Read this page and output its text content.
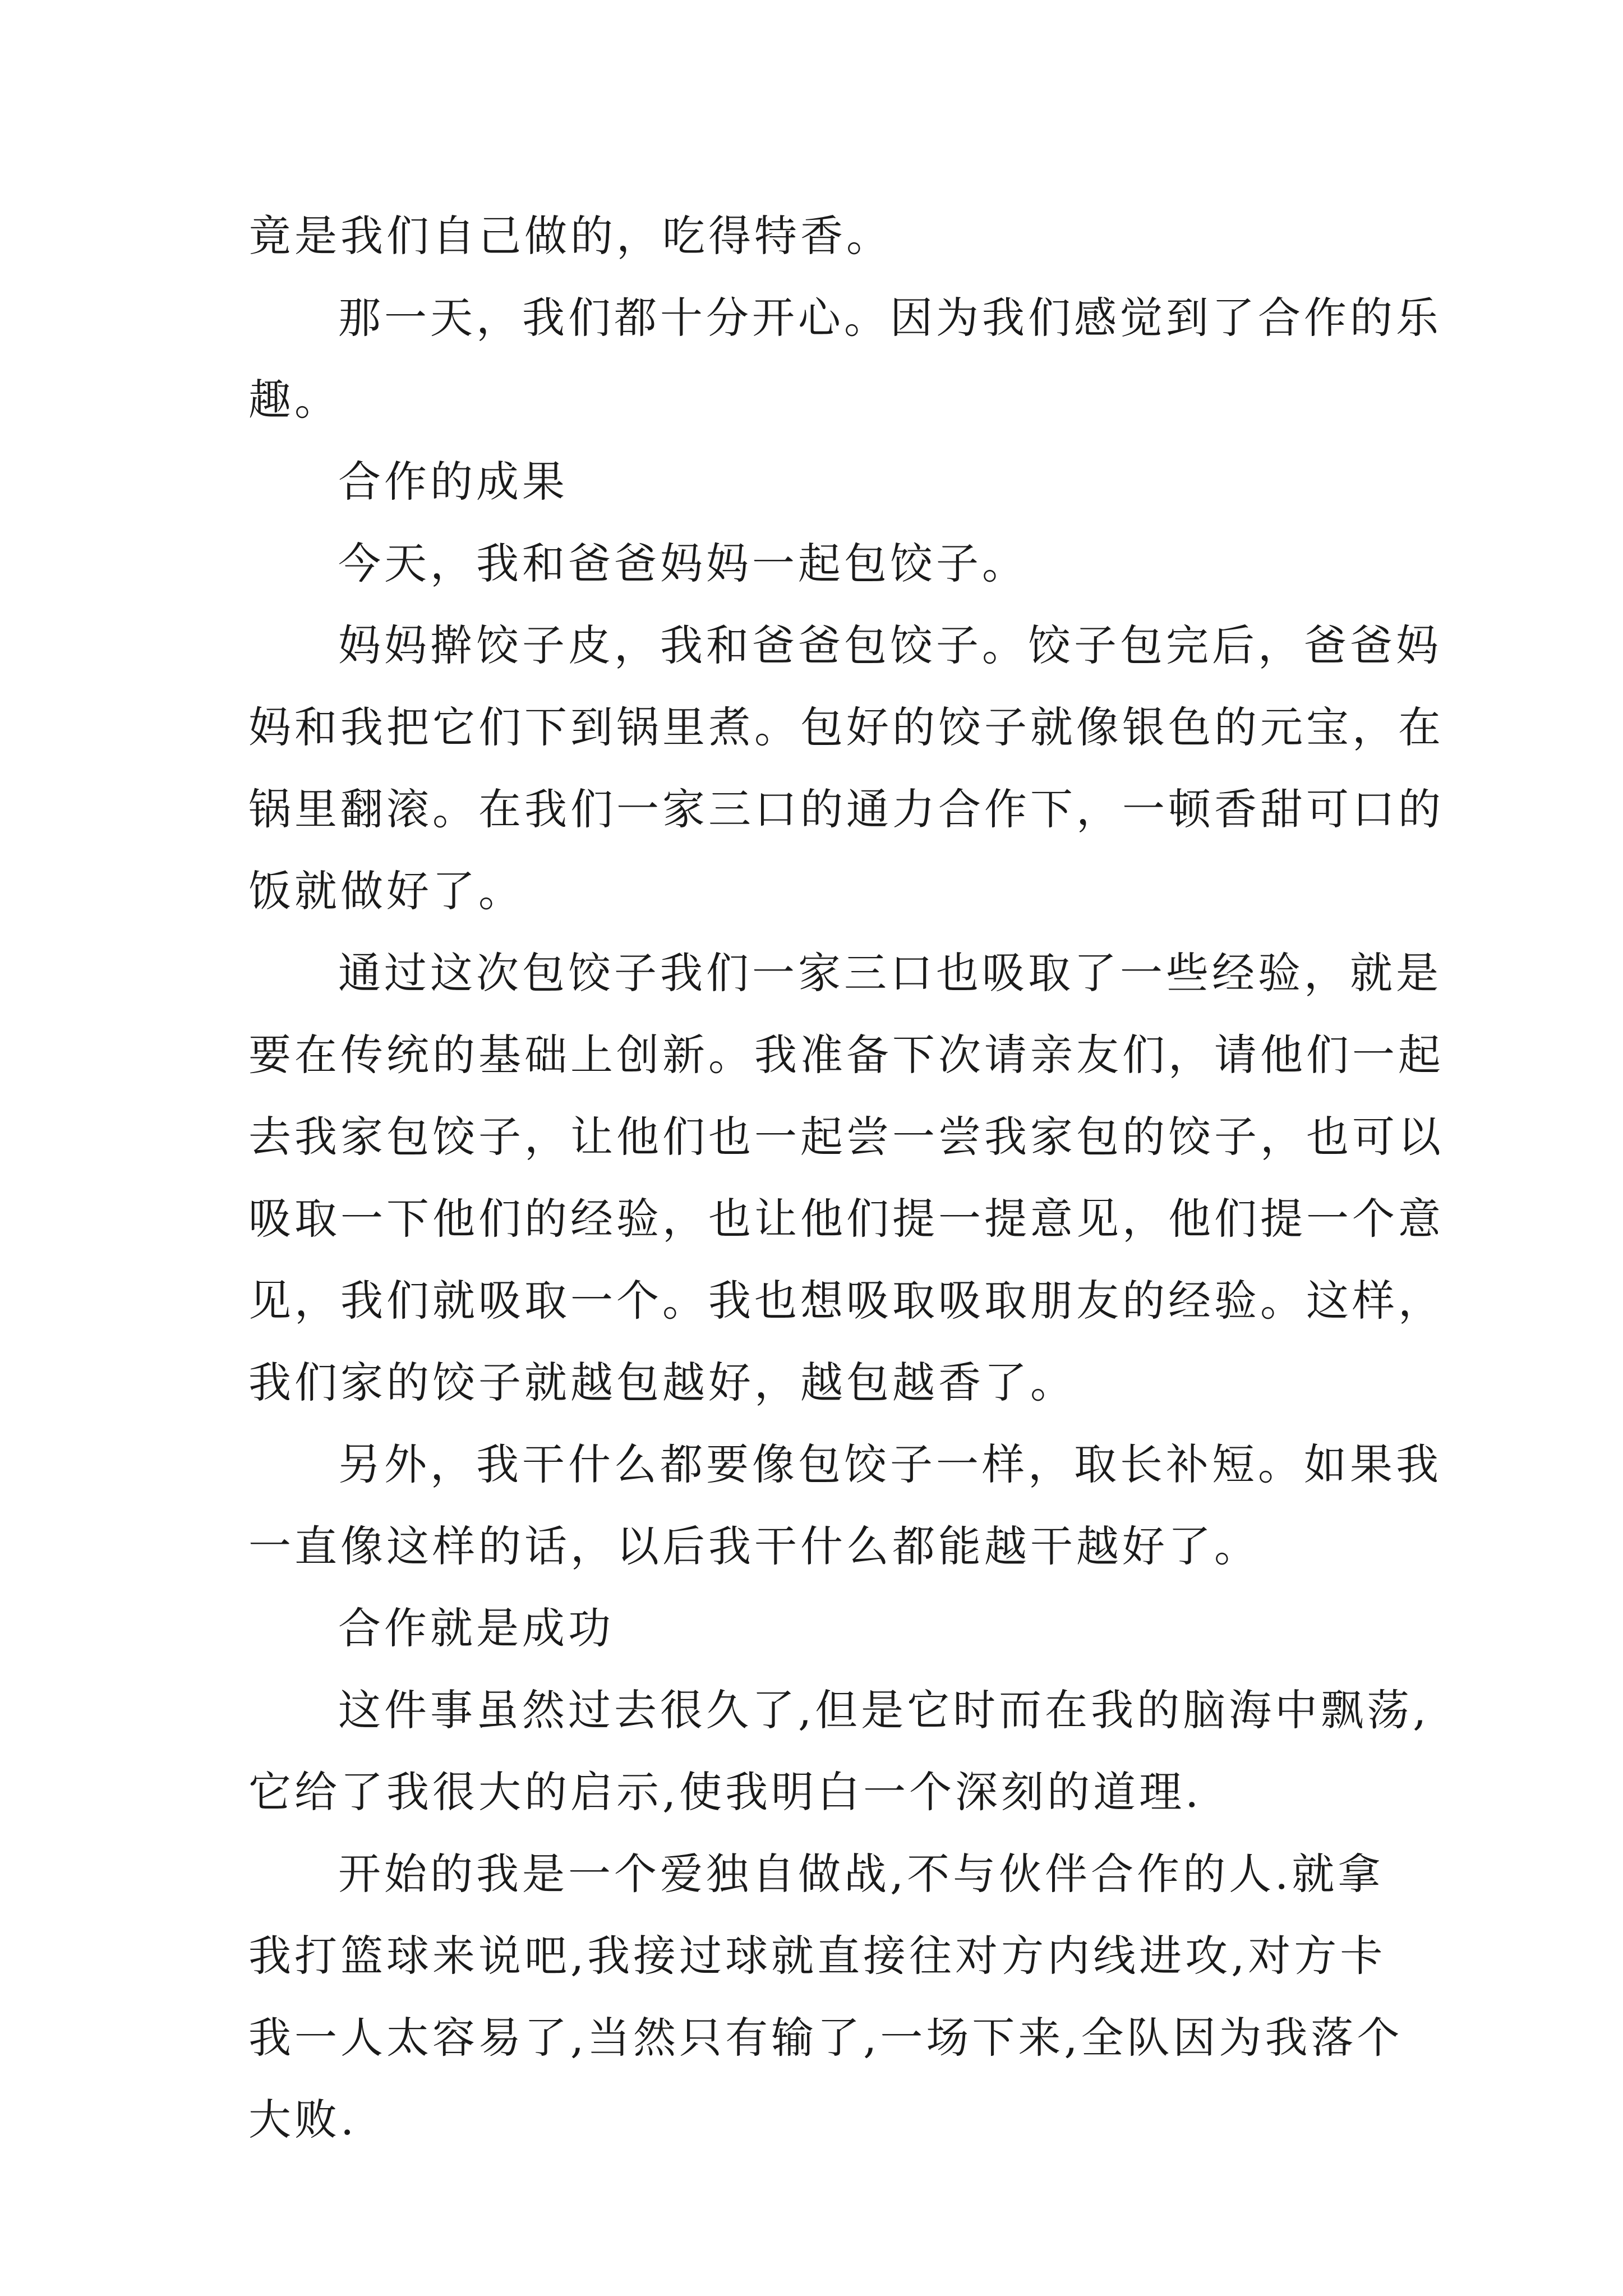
竟是我们自己做的，吃得特香。
那一天，我们都十分开心。因为我们感觉到了合作的乐
趣。
合作的成果
今天，我和爸爸妈妈一起包饺子。
妈妈擀饺子皮，我和爸爸包饺子。饺子包完后，爸爸妈
妈和我把它们下到锅里煮。包好的饺子就像银色的元宝，在
锅里翻滚。在我们一家三口的通力合作下，一顿香甜可口的
饭就做好了。
通过这次包饺子我们一家三口也吸取了一些经验，就是
要在传统的基础上创新。我准备下次请亲友们，请他们一起
去我家包饺子，让他们也一起尝一尝我家包的饺子，也可以
吸取一下他们的经验，也让他们提一提意见，他们提一个意
见，我们就吸取一个。我也想吸取吸取朋友的经验。这样，
我们家的饺子就越包越好，越包越香了。
另外，我干什么都要像包饺子一样，取长补短。如果我
一直像这样的话，以后我干什么都能越干越好了。
合作就是成功
这件事虽然过去很久了,但是它时而在我的脑海中飘荡,
它给了我很大的启示,使我明白一个深刻的道理.
开始的我是一个爱独自做战,不与伙伴合作的人.就拿
我打篮球来说吧,我接过球就直接往对方内线进攻,对方卡
我一人太容易了,当然只有输了,一场下来,全队因为我落个
大败.
